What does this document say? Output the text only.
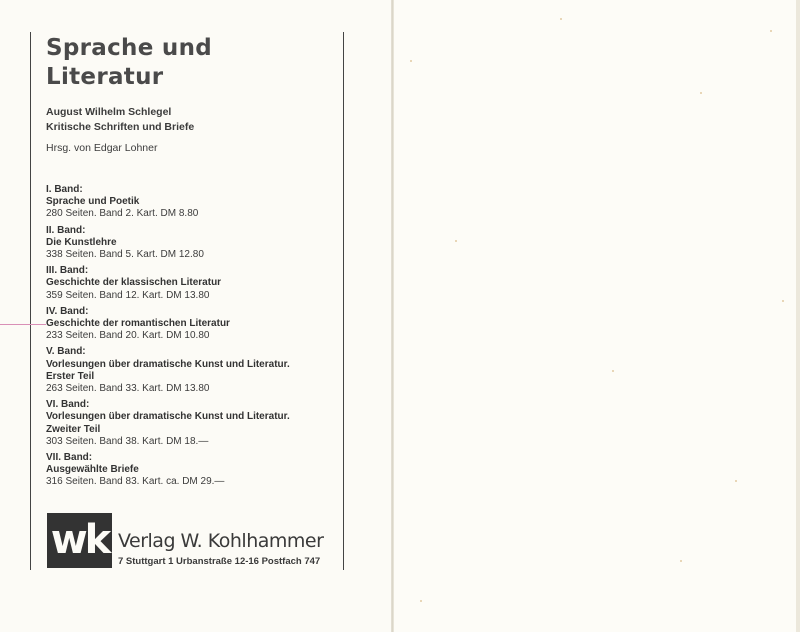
Sprache und
Literatur
August Wilhelm Schlegel
Kritische Schriften und Briefe
Hrsg. von Edgar Lohner
I. Band:
Sprache und Poetik
280 Seiten. Band 2. Kart. DM 8.80
II. Band:
Die Kunstlehre
338 Seiten. Band 5. Kart. DM 12.80
III. Band:
Geschichte der klassischen Literatur
359 Seiten. Band 12. Kart. DM 13.80
IV. Band:
Geschichte der romantischen Literatur
233 Seiten. Band 20. Kart. DM 10.80
V. Band:
Vorlesungen über dramatische Kunst und Literatur.
Erster Teil
263 Seiten. Band 33. Kart. DM 13.80
VI. Band:
Vorlesungen über dramatische Kunst und Literatur.
Zweiter Teil
303 Seiten. Band 38. Kart. DM 18.—
VII. Band:
Ausgewählte Briefe
316 Seiten. Band 83. Kart. ca. DM 29.—
wk Verlag W. Kohlhammer
7 Stuttgart 1 Urbanstraße 12-16 Postfach 747
